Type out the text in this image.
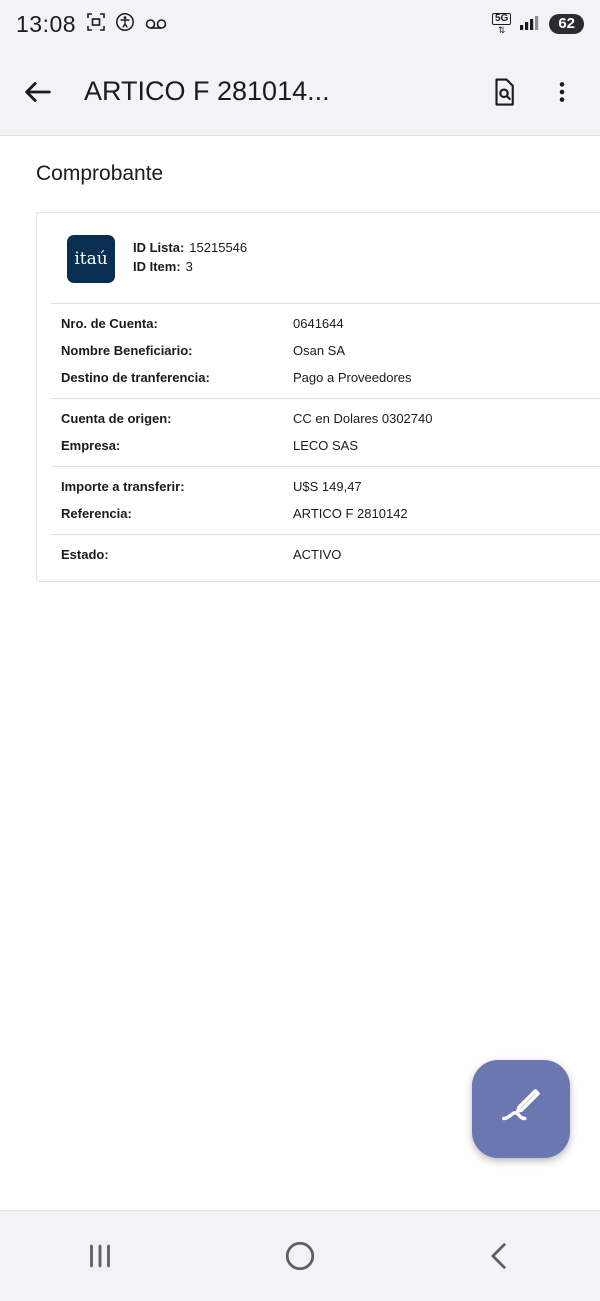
13:08	5G
⇅	62
ARTICO F 281014...
Comprobante
itaú
ID Lista: 15215546
ID Item: 3
Nro. de Cuenta:	0641644
Nombre Beneficiario:	Osan SA
Destino de tranferencia:	Pago a Proveedores
Cuenta de origen:	CC en Dolares 0302740
Empresa:	LECO SAS
Importe a transferir:	U$S 149,47
Referencia:	ARTICO F 2810142
Estado:	ACTIVO
